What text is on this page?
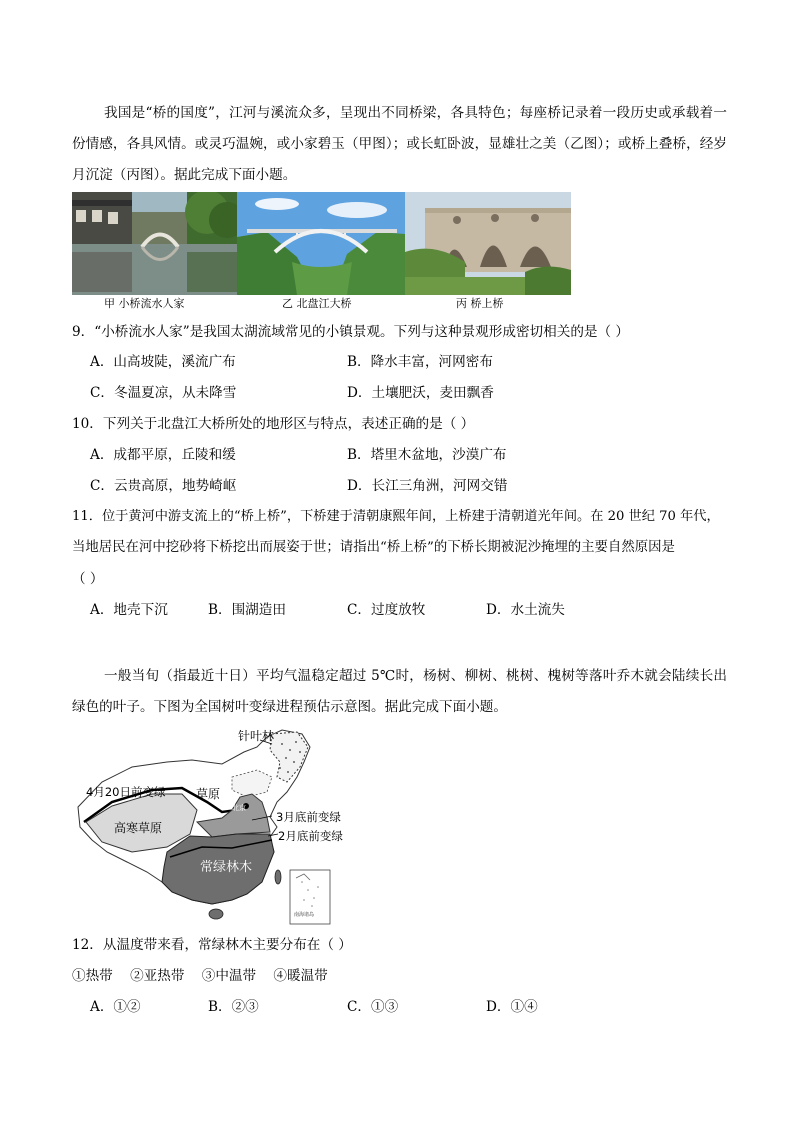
我国是“桥的国度”，江河与溪流众多，呈现出不同桥梁，各具特色；每座桥记录着一段历史或承载着一份情感，各具风情。或灵巧温婉，或小家碧玉（甲图）；或长虹卧波，显雄壮之美（乙图）；或桥上叠桥，经岁月沉淀（丙图）。据此完成下面小题。
甲 小桥流水人家	乙 北盘江大桥	丙 桥上桥
9．“小桥流水人家”是我国太湖流域常见的小镇景观。下列与这种景观形成密切相关的是（ ）
A．山高坡陡，溪流广布	B．降水丰富，河网密布
C．冬温夏凉，从未降雪	D．土壤肥沃，麦田飘香
10．下列关于北盘江大桥所处的地形区与特点，表述正确的是（ ）
A．成都平原，丘陵和缓	B．塔里木盆地，沙漠广布
C．云贵高原，地势崎岖	D．长江三角洲，河网交错
11．位于黄河中游支流上的“桥上桥”，下桥建于清朝康熙年间，上桥建于清朝道光年间。在 20 世纪 70 年代，
当地居民在河中挖砂将下桥挖出而展姿于世；请指出“桥上桥”的下桥长期被泥沙掩埋的主要自然原因是
（ ）
A．地壳下沉	B．围湖造田	C．过度放牧	D．水土流失
一般当旬（指最近十日）平均气温稳定超过 5℃时，杨树、柳树、桃树、槐树等落叶乔木就会陆续长出绿色的叶子。下图为全国树叶变绿进程预估示意图。据此完成下面小题。
针叶林
草原
4月20日前变绿
高寒草原
北京
3月底前变绿
2月底前变绿
常绿林木
南海诸岛
12．从温度带来看，常绿林木主要分布在（ ）
①热带    ②亚热带    ③中温带    ④暖温带
A．①②	B．②③	C．①③	D．①④
